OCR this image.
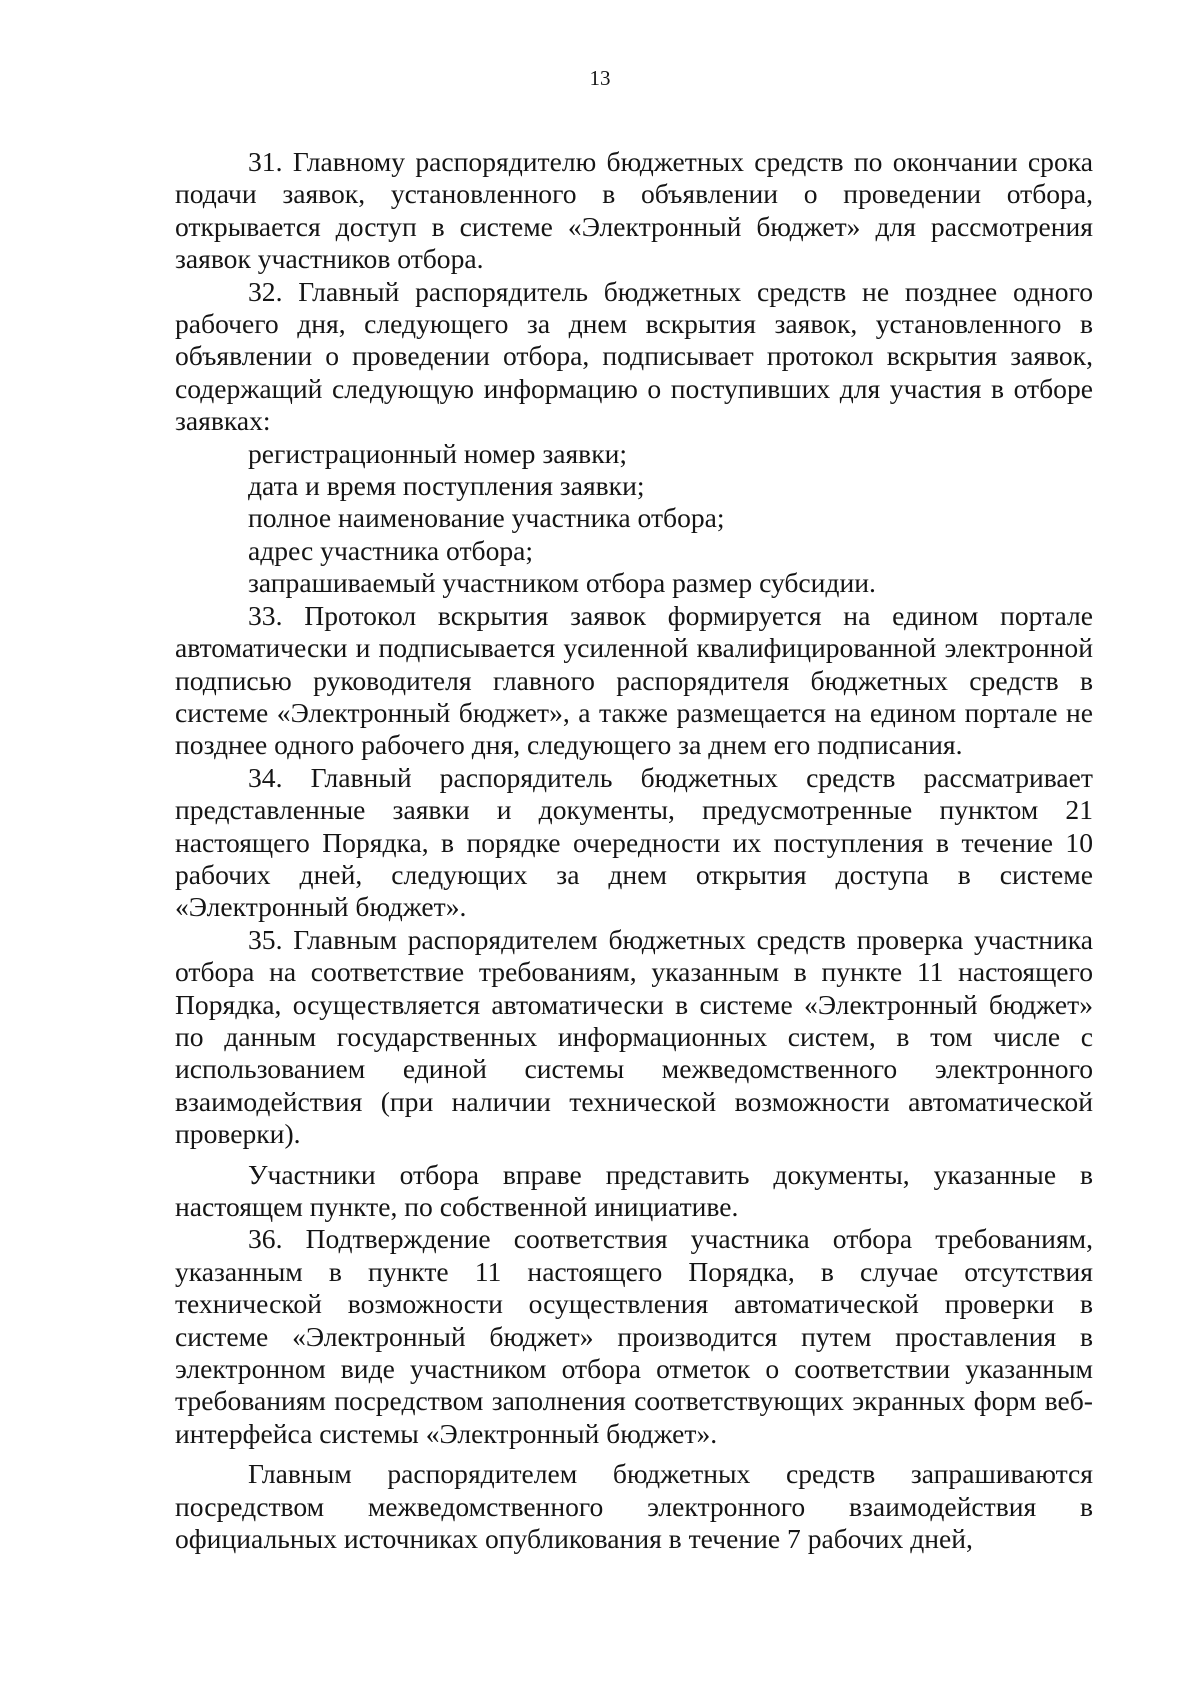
13

31. Главному распорядителю бюджетных средств по окончании срока подачи заявок, установленного в объявлении о проведении отбора, открывается доступ в системе «Электронный бюджет» для рассмотрения заявок участников отбора.

32. Главный распорядитель бюджетных средств не позднее одного рабочего дня, следующего за днем вскрытия заявок, установленного в объявлении о проведении отбора, подписывает протокол вскрытия заявок, содержащий следующую информацию о поступивших для участия в отборе заявках:

регистрационный номер заявки;

дата и время поступления заявки;

полное наименование участника отбора;

адрес участника отбора;

запрашиваемый участником отбора размер субсидии.

33. Протокол вскрытия заявок формируется на едином портале автоматически и подписывается усиленной квалифицированной электронной подписью руководителя главного распорядителя бюджетных средств в системе «Электронный бюджет», а также размещается на едином портале не позднее одного рабочего дня, следующего за днем его подписания.

34. Главный распорядитель бюджетных средств рассматривает представленные заявки и документы, предусмотренные пунктом 21 настоящего Порядка, в порядке очередности их поступления в течение 10 рабочих дней, следующих за днем открытия доступа в системе «Электронный бюджет».

35. Главным распорядителем бюджетных средств проверка участника отбора на соответствие требованиям, указанным в пункте 11 настоящего Порядка, осуществляется автоматически в системе «Электронный бюджет» по данным государственных информационных систем, в том числе с использованием единой системы межведомственного электронного взаимодействия (при наличии технической возможности автоматической проверки).

Участники отбора вправе представить документы, указанные в настоящем пункте, по собственной инициативе.

36. Подтверждение соответствия участника отбора требованиям, указанным в пункте 11 настоящего Порядка, в случае отсутствия технической возможности осуществления автоматической проверки в системе «Электронный бюджет» производится путем проставления в электронном виде участником отбора отметок о соответствии указанным требованиям посредством заполнения соответствующих экранных форм веб-интерфейса системы «Электронный бюджет».

Главным распорядителем бюджетных средств запрашиваются посредством межведомственного электронного взаимодействия в официальных источниках опубликования в течение 7 рабочих дней,
